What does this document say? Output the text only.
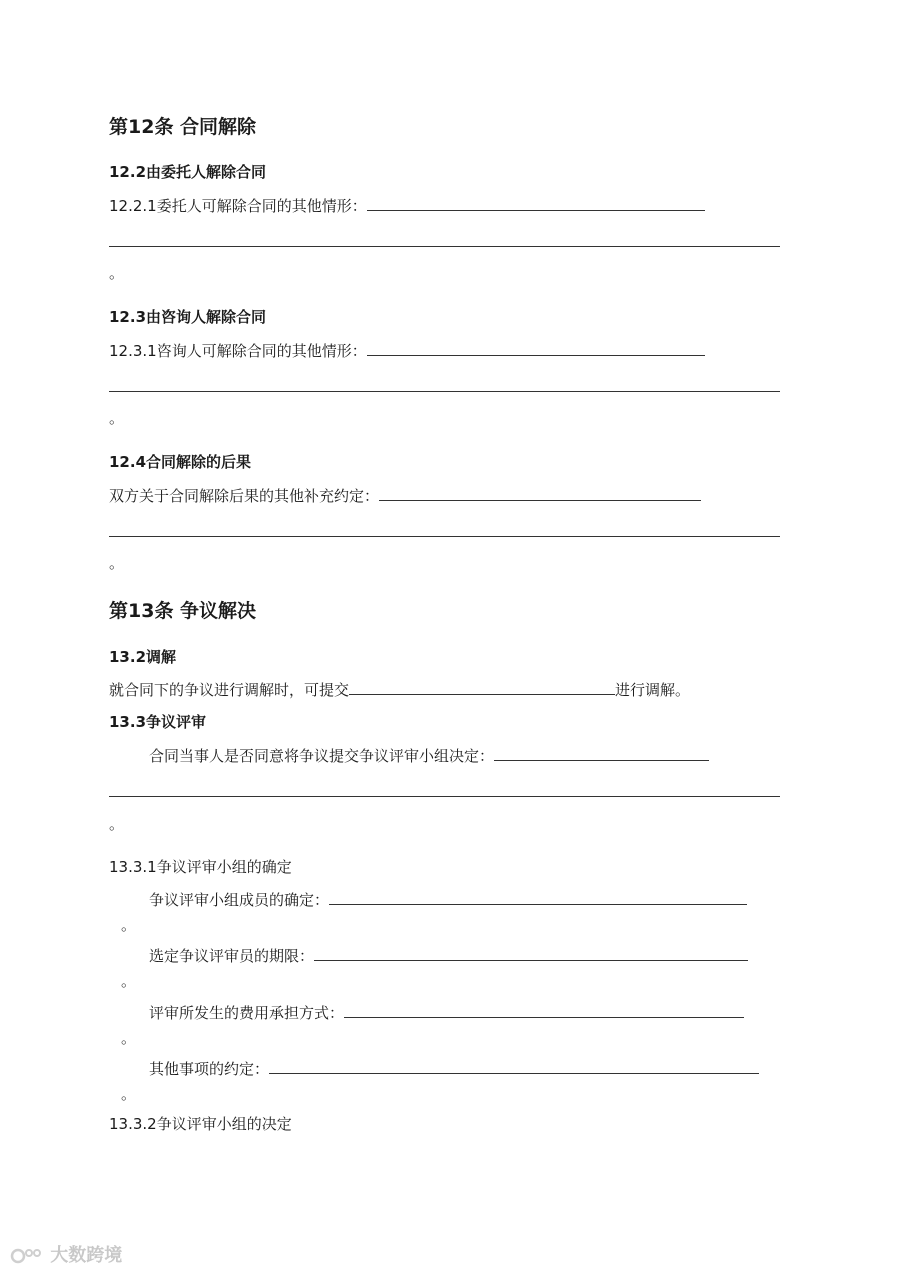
第12条 合同解除
12.2由委托人解除合同
12.2.1委托人可解除合同的其他情形：
。
12.3由咨询人解除合同
12.3.1咨询人可解除合同的其他情形：
。
12.4合同解除的后果
双方关于合同解除后果的其他补充约定：
。
第13条 争议解决
13.2调解
就合同下的争议进行调解时，可提交	进行调解。
13.3争议评审
合同当事人是否同意将争议提交争议评审小组决定：
。
13.3.1争议评审小组的确定
争议评审小组成员的确定：
。
选定争议评审员的期限：
。
评审所发生的费用承担方式：
。
其他事项的约定：
。
13.3.2争议评审小组的决定
大数跨境
